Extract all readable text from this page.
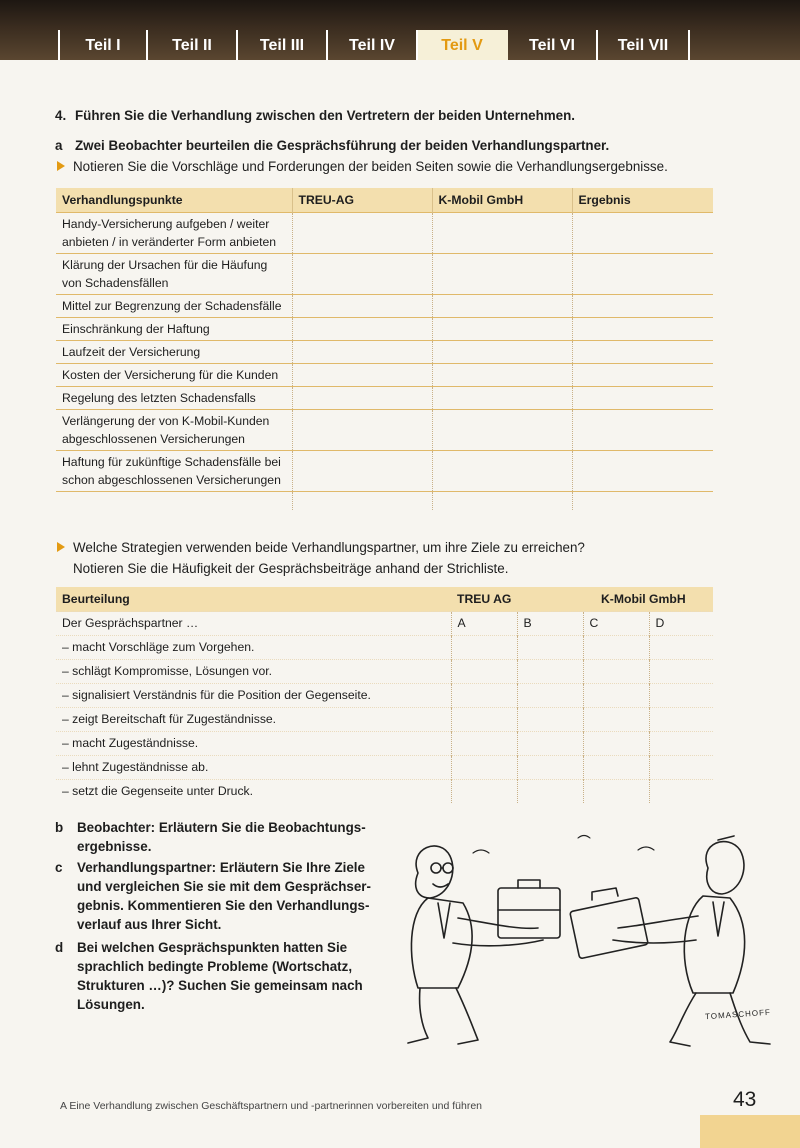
Teil I	Teil II	Teil III	Teil IV	Teil V	Teil VI	Teil VII
4. Führen Sie die Verhandlung zwischen den Vertretern der beiden Unternehmen.
a Zwei Beobachter beurteilen die Gesprächsführung der beiden Verhandlungspartner.
Notieren Sie die Vorschläge und Forderungen der beiden Seiten sowie die Verhandlungsergebnisse.
Verhandlungspunkte	TREU-AG	K-Mobil GmbH	Ergebnis
Handy-Versicherung aufgeben / weiter
anbieten / in veränderter Form anbieten			
Klärung der Ursachen für die Häufung
von Schadensfällen			
Mittel zur Begrenzung der Schadensfälle			
Einschränkung der Haftung			
Laufzeit der Versicherung			
Kosten der Versicherung für die Kunden			
Regelung des letzten Schadensfalls			
Verlängerung der von K-Mobil-Kunden
abgeschlossenen Versicherungen			
Haftung für zukünftige Schadensfälle bei
schon abgeschlossenen Versicherungen			

Welche Strategien verwenden beide Verhandlungspartner, um ihre Ziele zu erreichen?
Notieren Sie die Häufigkeit der Gesprächsbeiträge anhand der Strichliste.
Beurteilung	TREU AG		K-Mobil GmbH	
Der Gesprächspartner …	A	B	C	D
– macht Vorschläge zum Vorgehen.				
– schlägt Kompromisse, Lösungen vor.				
– signalisiert Verständnis für die Position der Gegenseite.				
– zeigt Bereitschaft für Zugeständnisse.				
– macht Zugeständnisse.				
– lehnt Zugeständnisse ab.				
– setzt die Gegenseite unter Druck.				
b	Beobachter: Erläutern Sie die Beobachtungs-
ergebnisse.
c	Verhandlungspartner: Erläutern Sie Ihre Ziele
und vergleichen Sie sie mit dem Gesprächser-
gebnis. Kommentieren Sie den Verhandlungs-
verlauf aus Ihrer Sicht.
d	Bei welchen Gesprächspunkten hatten Sie
sprachlich bedingte Probleme (Wortschatz,
Strukturen …)? Suchen Sie gemeinsam nach
Lösungen.
TOMASCHOFF
A Eine Verhandlung zwischen Geschäftspartnern und -partnerinnen vorbereiten und führen	43
